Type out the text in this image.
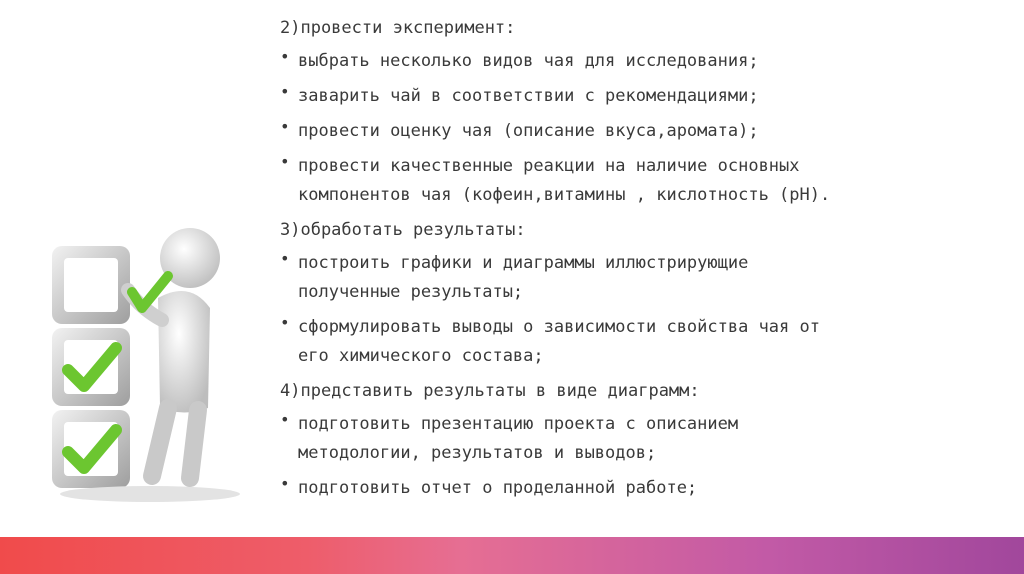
2)провести эксперимент:
• выбрать несколько видов чая для исследования;
• заварить чай в соответствии с рекомендациями;
• провести оценку чая (описание вкуса,аромата);
• провести качественные реакции на наличие основных
компонентов чая (кофеин,витамины , кислотность (pH).
3)обработать результаты:
• построить графики и диаграммы иллюстрирующие
полученные результаты;
• сформулировать выводы о зависимости свойства чая от
его химического состава;
4)представить результаты в виде диаграмм:
• подготовить презентацию проекта с описанием
методологии, результатов и выводов;
• подготовить отчет о проделанной работе;
